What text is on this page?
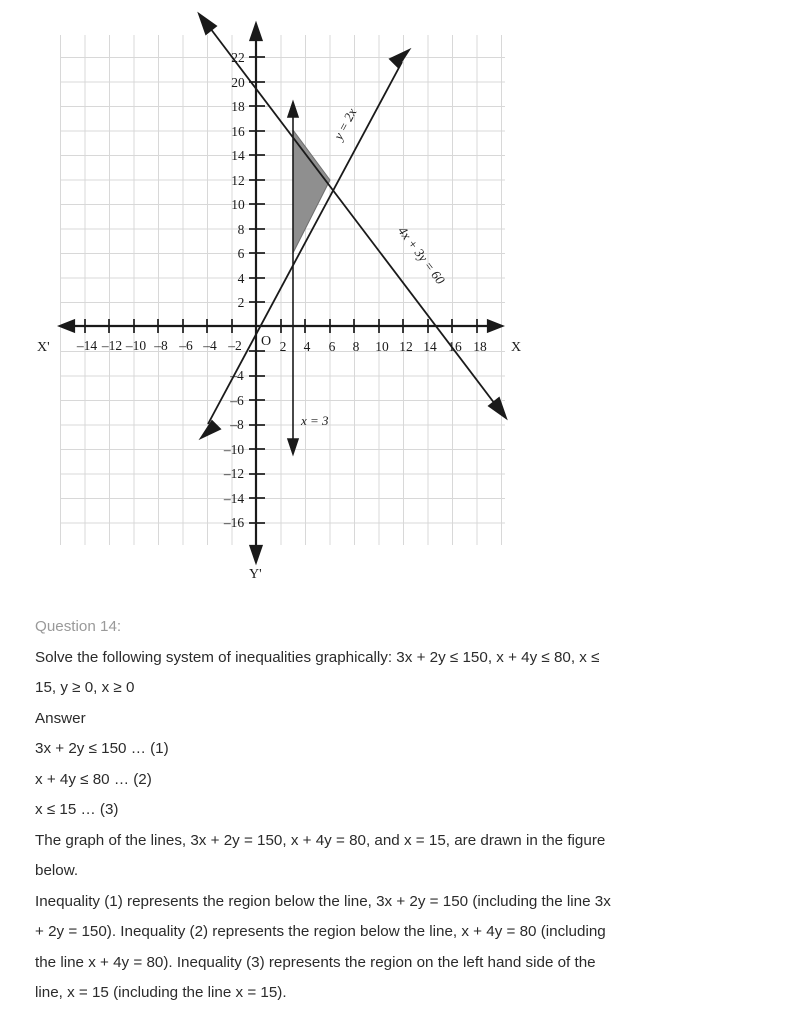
–14 –12 –10 –8 –6 –4 –2	2 4 6 8 10 12 14 16 18
2
4
6
8
10
12
14
16
18
20
22
–4
–6
–8
–10
–12
–14
–16
X'	X
Y'
O
y = 2x
4x + 3y = 60
x = 3
Question 14:
Solve the following system of inequalities graphically: 3x + 2y ≤ 150, x + 4y ≤ 80, x ≤
15, y ≥ 0, x ≥ 0
Answer
3x + 2y ≤ 150 … (1)
x + 4y ≤ 80 … (2)
x ≤ 15 … (3)
The graph of the lines, 3x + 2y = 150, x + 4y = 80, and x = 15, are drawn in the figure
below.
Inequality (1) represents the region below the line, 3x + 2y = 150 (including the line 3x
+ 2y = 150). Inequality (2) represents the region below the line, x + 4y = 80 (including
the line x + 4y = 80). Inequality (3) represents the region on the left hand side of the
line, x = 15 (including the line x = 15).
